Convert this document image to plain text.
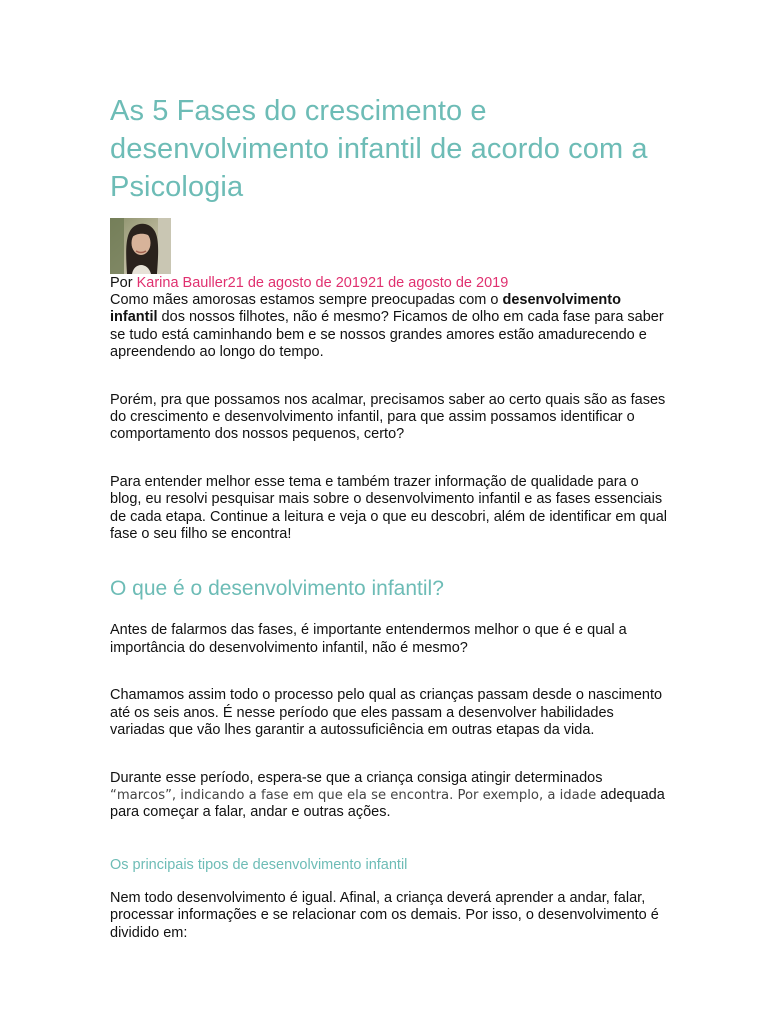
As 5 Fases do crescimento e desenvolvimento infantil de acordo com a Psicologia
Por Karina Bauller21 de agosto de 201921 de agosto de 2019

Como mães amorosas estamos sempre preocupadas com o desenvolvimento infantil dos nossos filhotes, não é mesmo? Ficamos de olho em cada fase para saber se tudo está caminhando bem e se nossos grandes amores estão amadurecendo e apreendendo ao longo do tempo.

Porém, pra que possamos nos acalmar, precisamos saber ao certo quais são as fases do crescimento e desenvolvimento infantil, para que assim possamos identificar o comportamento dos nossos pequenos, certo?

Para entender melhor esse tema e também trazer informação de qualidade para o blog, eu resolvi pesquisar mais sobre o desenvolvimento infantil e as fases essenciais de cada etapa. Continue a leitura e veja o que eu descobri, além de identificar em qual fase o seu filho se encontra!

O que é o desenvolvimento infantil?

Antes de falarmos das fases, é importante entendermos melhor o que é e qual a importância do desenvolvimento infantil, não é mesmo?

Chamamos assim todo o processo pelo qual as crianças passam desde o nascimento até os seis anos. É nesse período que eles passam a desenvolver habilidades variadas que vão lhes garantir a autossuficiência em outras etapas da vida.

Durante esse período, espera-se que a criança consiga atingir determinados “marcos”, indicando a fase em que ela se encontra. Por exemplo, a idade adequada para começar a falar, andar e outras ações.

Os principais tipos de desenvolvimento infantil

Nem todo desenvolvimento é igual. Afinal, a criança deverá aprender a andar, falar, processar informações e se relacionar com os demais. Por isso, o desenvolvimento é dividido em:
